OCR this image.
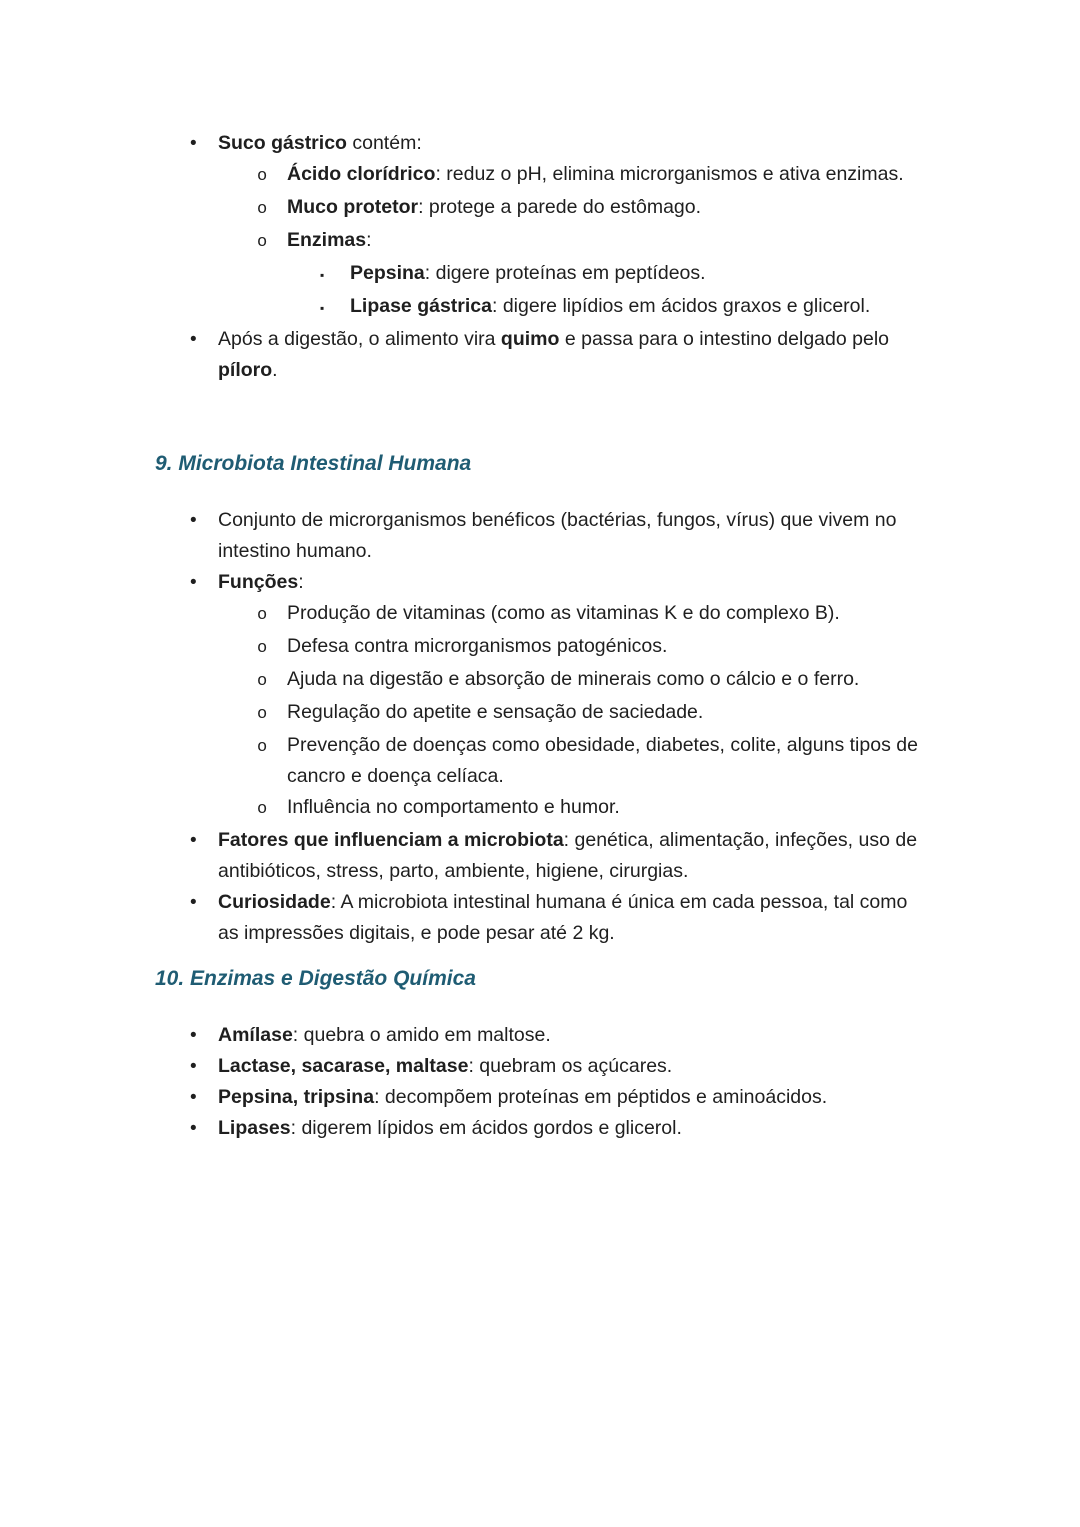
•	Suco gástrico contém:
o	Ácido clorídrico: reduz o pH, elimina microrganismos e ativa enzimas.
o	Muco protetor: protege a parede do estômago.
o	Enzimas:
▪	Pepsina: digere proteínas em peptídeos.
▪	Lipase gástrica: digere lipídios em ácidos graxos e glicerol.
•	Após a digestão, o alimento vira quimo e passa para o intestino delgado pelo píloro.
9. Microbiota Intestinal Humana
•	Conjunto de microrganismos benéficos (bactérias, fungos, vírus) que vivem no intestino humano.
•	Funções:
o	Produção de vitaminas (como as vitaminas K e do complexo B).
o	Defesa contra microrganismos patogénicos.
o	Ajuda na digestão e absorção de minerais como o cálcio e o ferro.
o	Regulação do apetite e sensação de saciedade.
o	Prevenção de doenças como obesidade, diabetes, colite, alguns tipos de cancro e doença celíaca.
o	Influência no comportamento e humor.
•	Fatores que influenciam a microbiota: genética, alimentação, infeções, uso de antibióticos, stress, parto, ambiente, higiene, cirurgias.
•	Curiosidade: A microbiota intestinal humana é única em cada pessoa, tal como as impressões digitais, e pode pesar até 2 kg.
10. Enzimas e Digestão Química
•	Amílase: quebra o amido em maltose.
•	Lactase, sacarase, maltase: quebram os açúcares.
•	Pepsina, tripsina: decompõem proteínas em péptidos e aminoácidos.
•	Lipases: digerem lípidos em ácidos gordos e glicerol.
